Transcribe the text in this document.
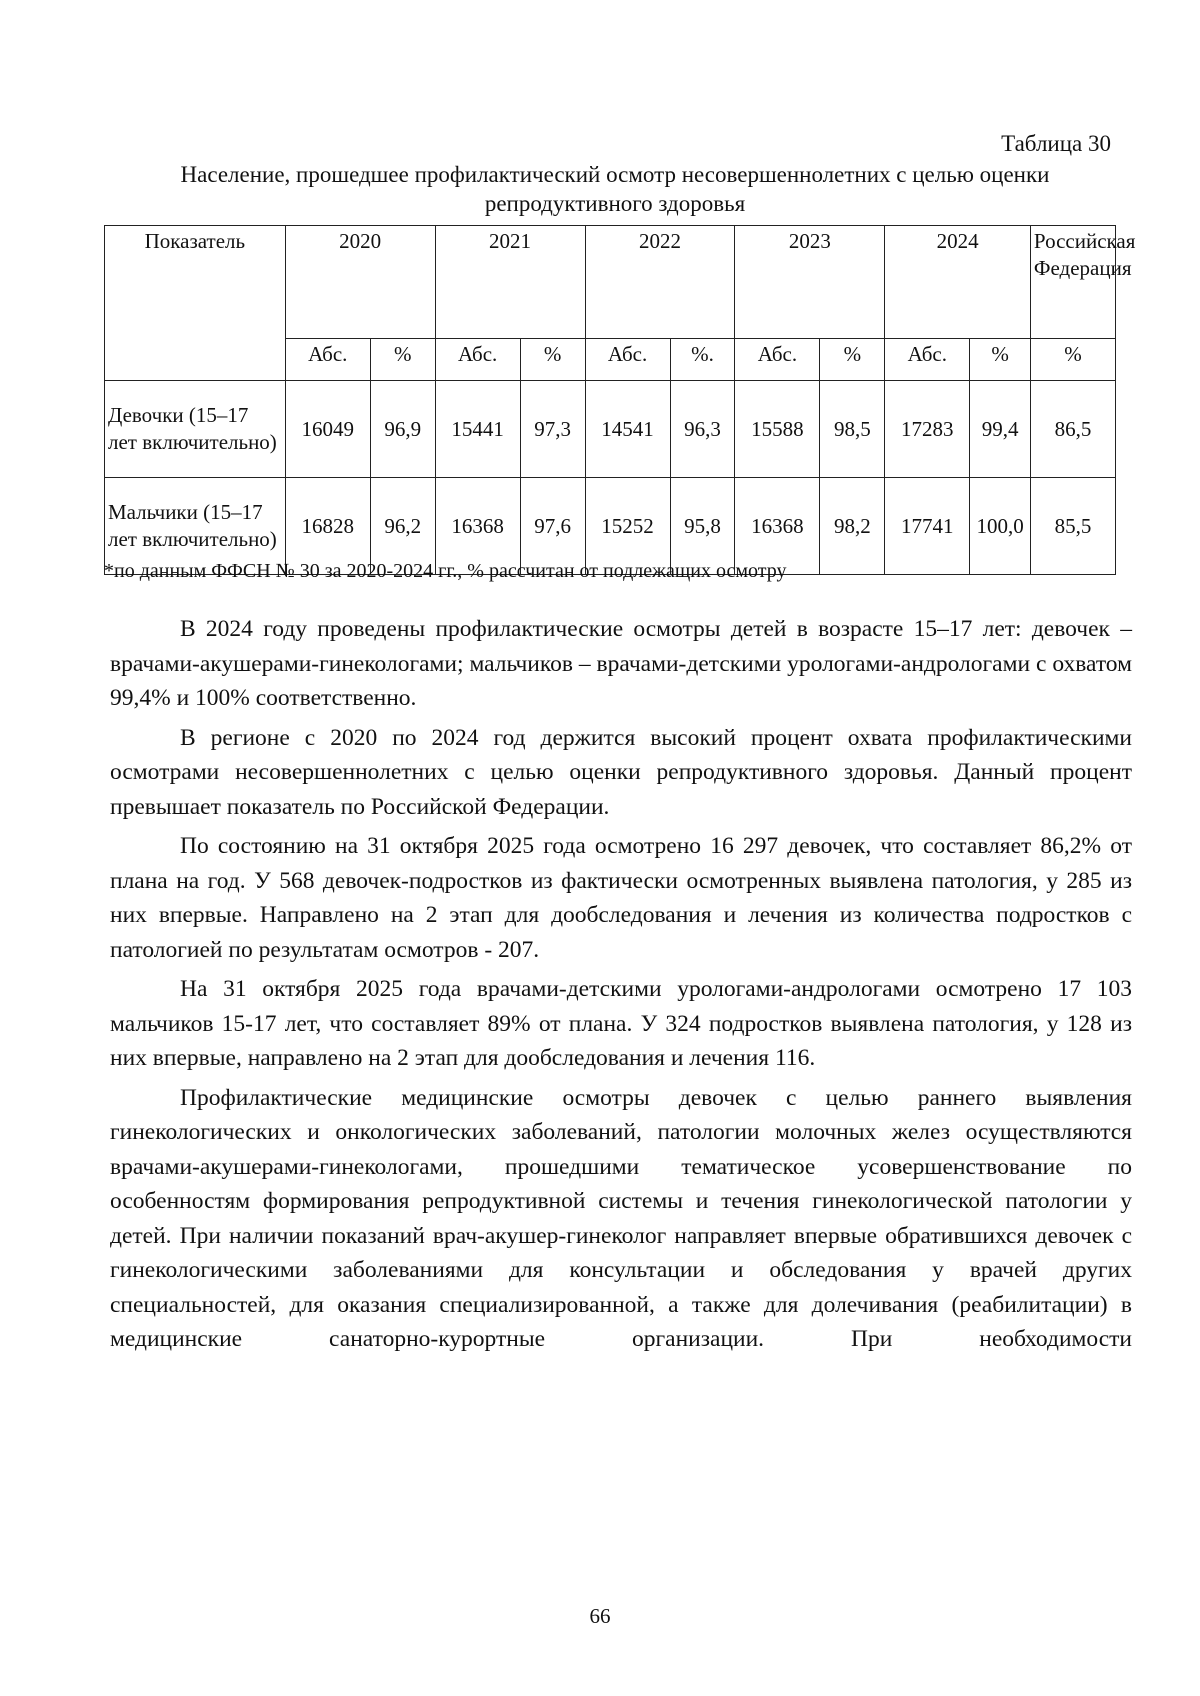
Таблица 30

Население, прошедшее профилактический осмотр несовершеннолетних с целью оценки репродуктивного здоровья

Показатель	2020		2021		2022		2023		2024		Российская Федерация
	Абс.	%	Абс.	%	Абс.	%.	Абс.	%	Абс.	%	%
Девочки (15–17 лет включительно)	16049	96,9	15441	97,3	14541	96,3	15588	98,5	17283	99,4	86,5
Мальчики (15–17 лет включительно)	16828	96,2	16368	97,6	15252	95,8	16368	98,2	17741	100,0	85,5

*по данным ФФСН № 30 за 2020-2024 гг., % рассчитан от подлежащих осмотру

В 2024 году проведены профилактические осмотры детей в возрасте 15–17 лет: девочек – врачами-акушерами-гинекологами; мальчиков – врачами-детскими урологами-андрологами с охватом 99,4% и 100% соответственно.

В регионе с 2020 по 2024 год держится высокий процент охвата профилактическими осмотрами несовершеннолетних с целью оценки репродуктивного здоровья. Данный процент превышает показатель по Российской Федерации.

По состоянию на 31 октября 2025 года осмотрено 16 297 девочек, что составляет 86,2% от плана на год. У 568 девочек-подростков из фактически осмотренных выявлена патология, у 285 из них впервые. Направлено на 2 этап для дообследования и лечения из количества подростков с патологией по результатам осмотров - 207.

На 31 октября 2025 года врачами-детскими урологами-андрологами осмотрено 17 103 мальчиков 15-17 лет, что составляет 89% от плана. У 324 подростков выявлена патология, у 128 из них впервые, направлено на 2 этап для дообследования и лечения 116.

Профилактические медицинские осмотры девочек с целью раннего выявления гинекологических и онкологических заболеваний, патологии молочных желез осуществляются врачами-акушерами-гинекологами, прошедшими тематическое усовершенствование по особенностям формирования репродуктивной системы и течения гинекологической патологии у детей. При наличии показаний врач-акушер-гинеколог направляет впервые обратившихся девочек с гинекологическими заболеваниями для консультации и обследования у врачей других специальностей, для оказания специализированной, а также для долечивания (реабилитации) в медицинские санаторно-курортные организации. При необходимости

66
